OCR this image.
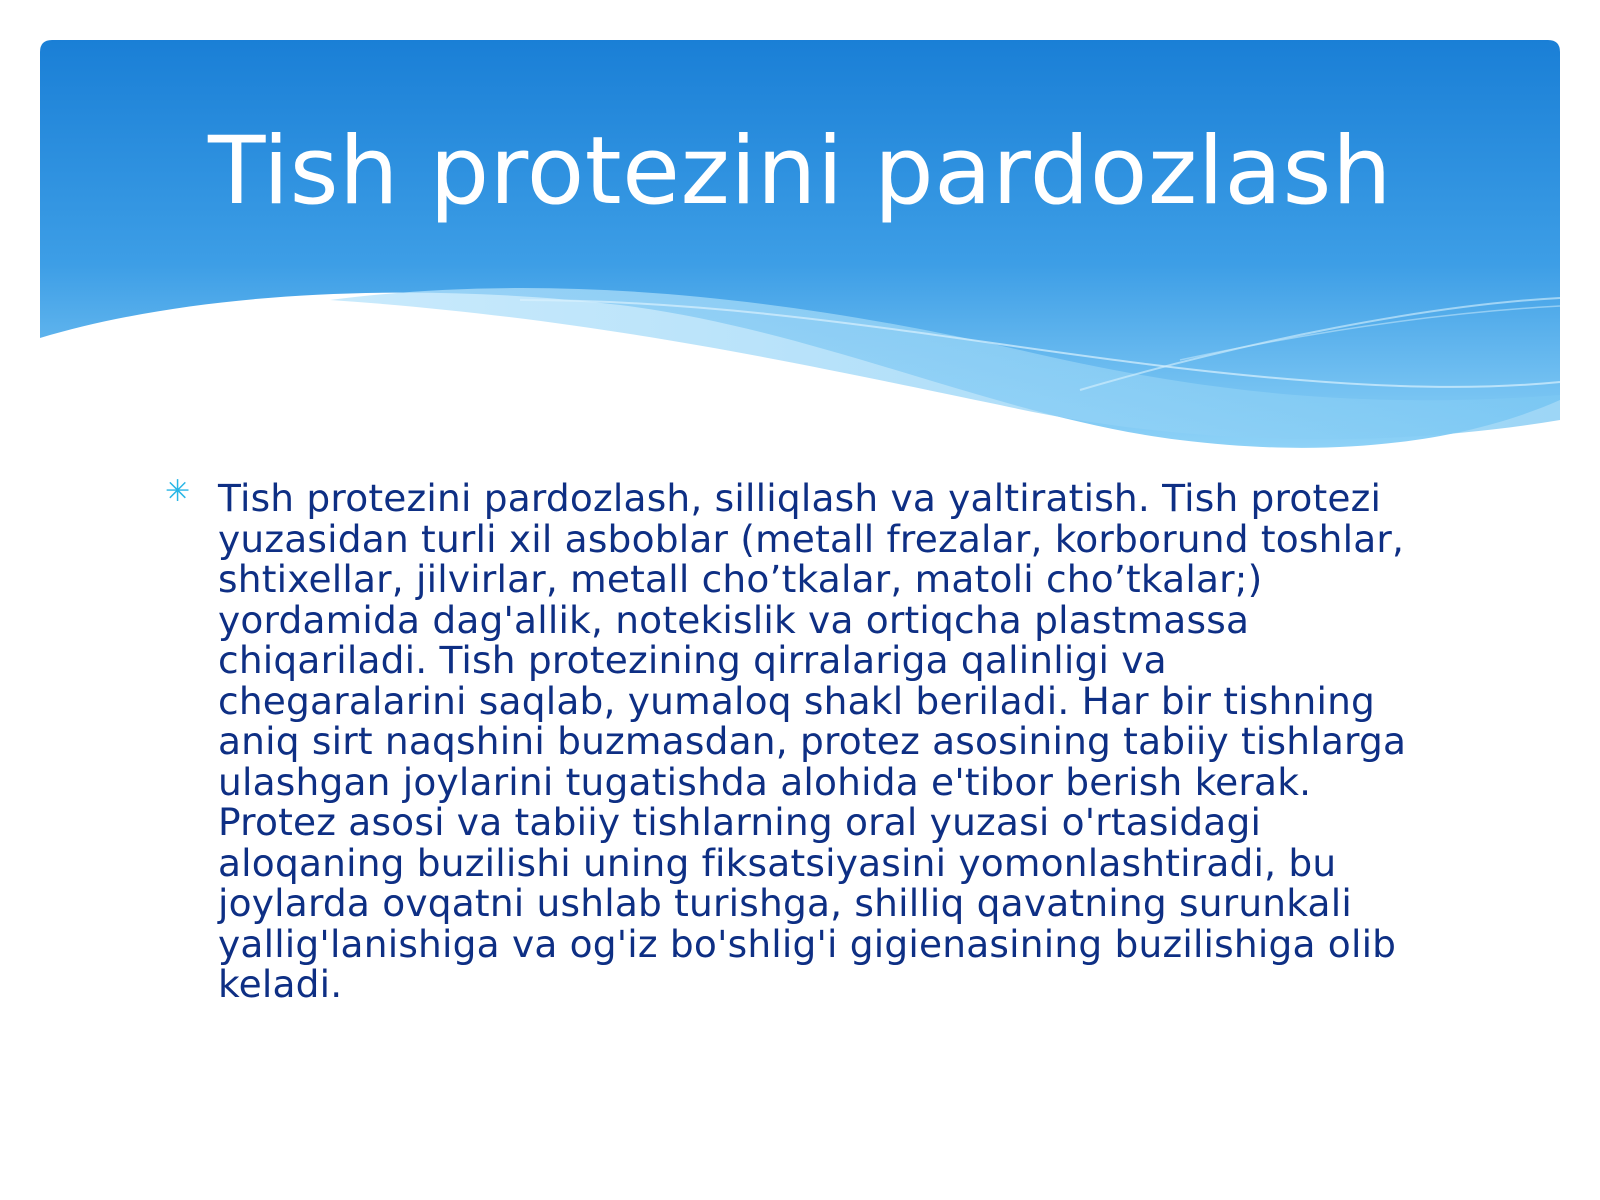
Tish protezini pardozlash
✳ Tish protezini pardozlash, silliqlash va yaltiratish. Tish protezi yuzasidan turli xil asboblar (metall frezalar, korborund toshlar, shtixellar, jilvirlar, metall cho’tkalar, matoli cho’tkalar;) yordamida dag'allik, notekislik va ortiqcha plastmassa chiqariladi. Tish protezining qirralariga qalinligi va chegaralarini saqlab, yumaloq shakl beriladi. Har bir tishning aniq sirt naqshini buzmasdan, protez asosining tabiiy tishlarga ulashgan joylarini tugatishda alohida e'tibor berish kerak. Protez asosi va tabiiy tishlarning oral yuzasi o'rtasidagi aloqaning buzilishi uning fiksatsiyasini yomonlashtiradi, bu joylarda ovqatni ushlab turishga, shilliq qavatning surunkali yallig'lanishiga va og'iz bo'shlig'i gigienasining buzilishiga olib keladi.
